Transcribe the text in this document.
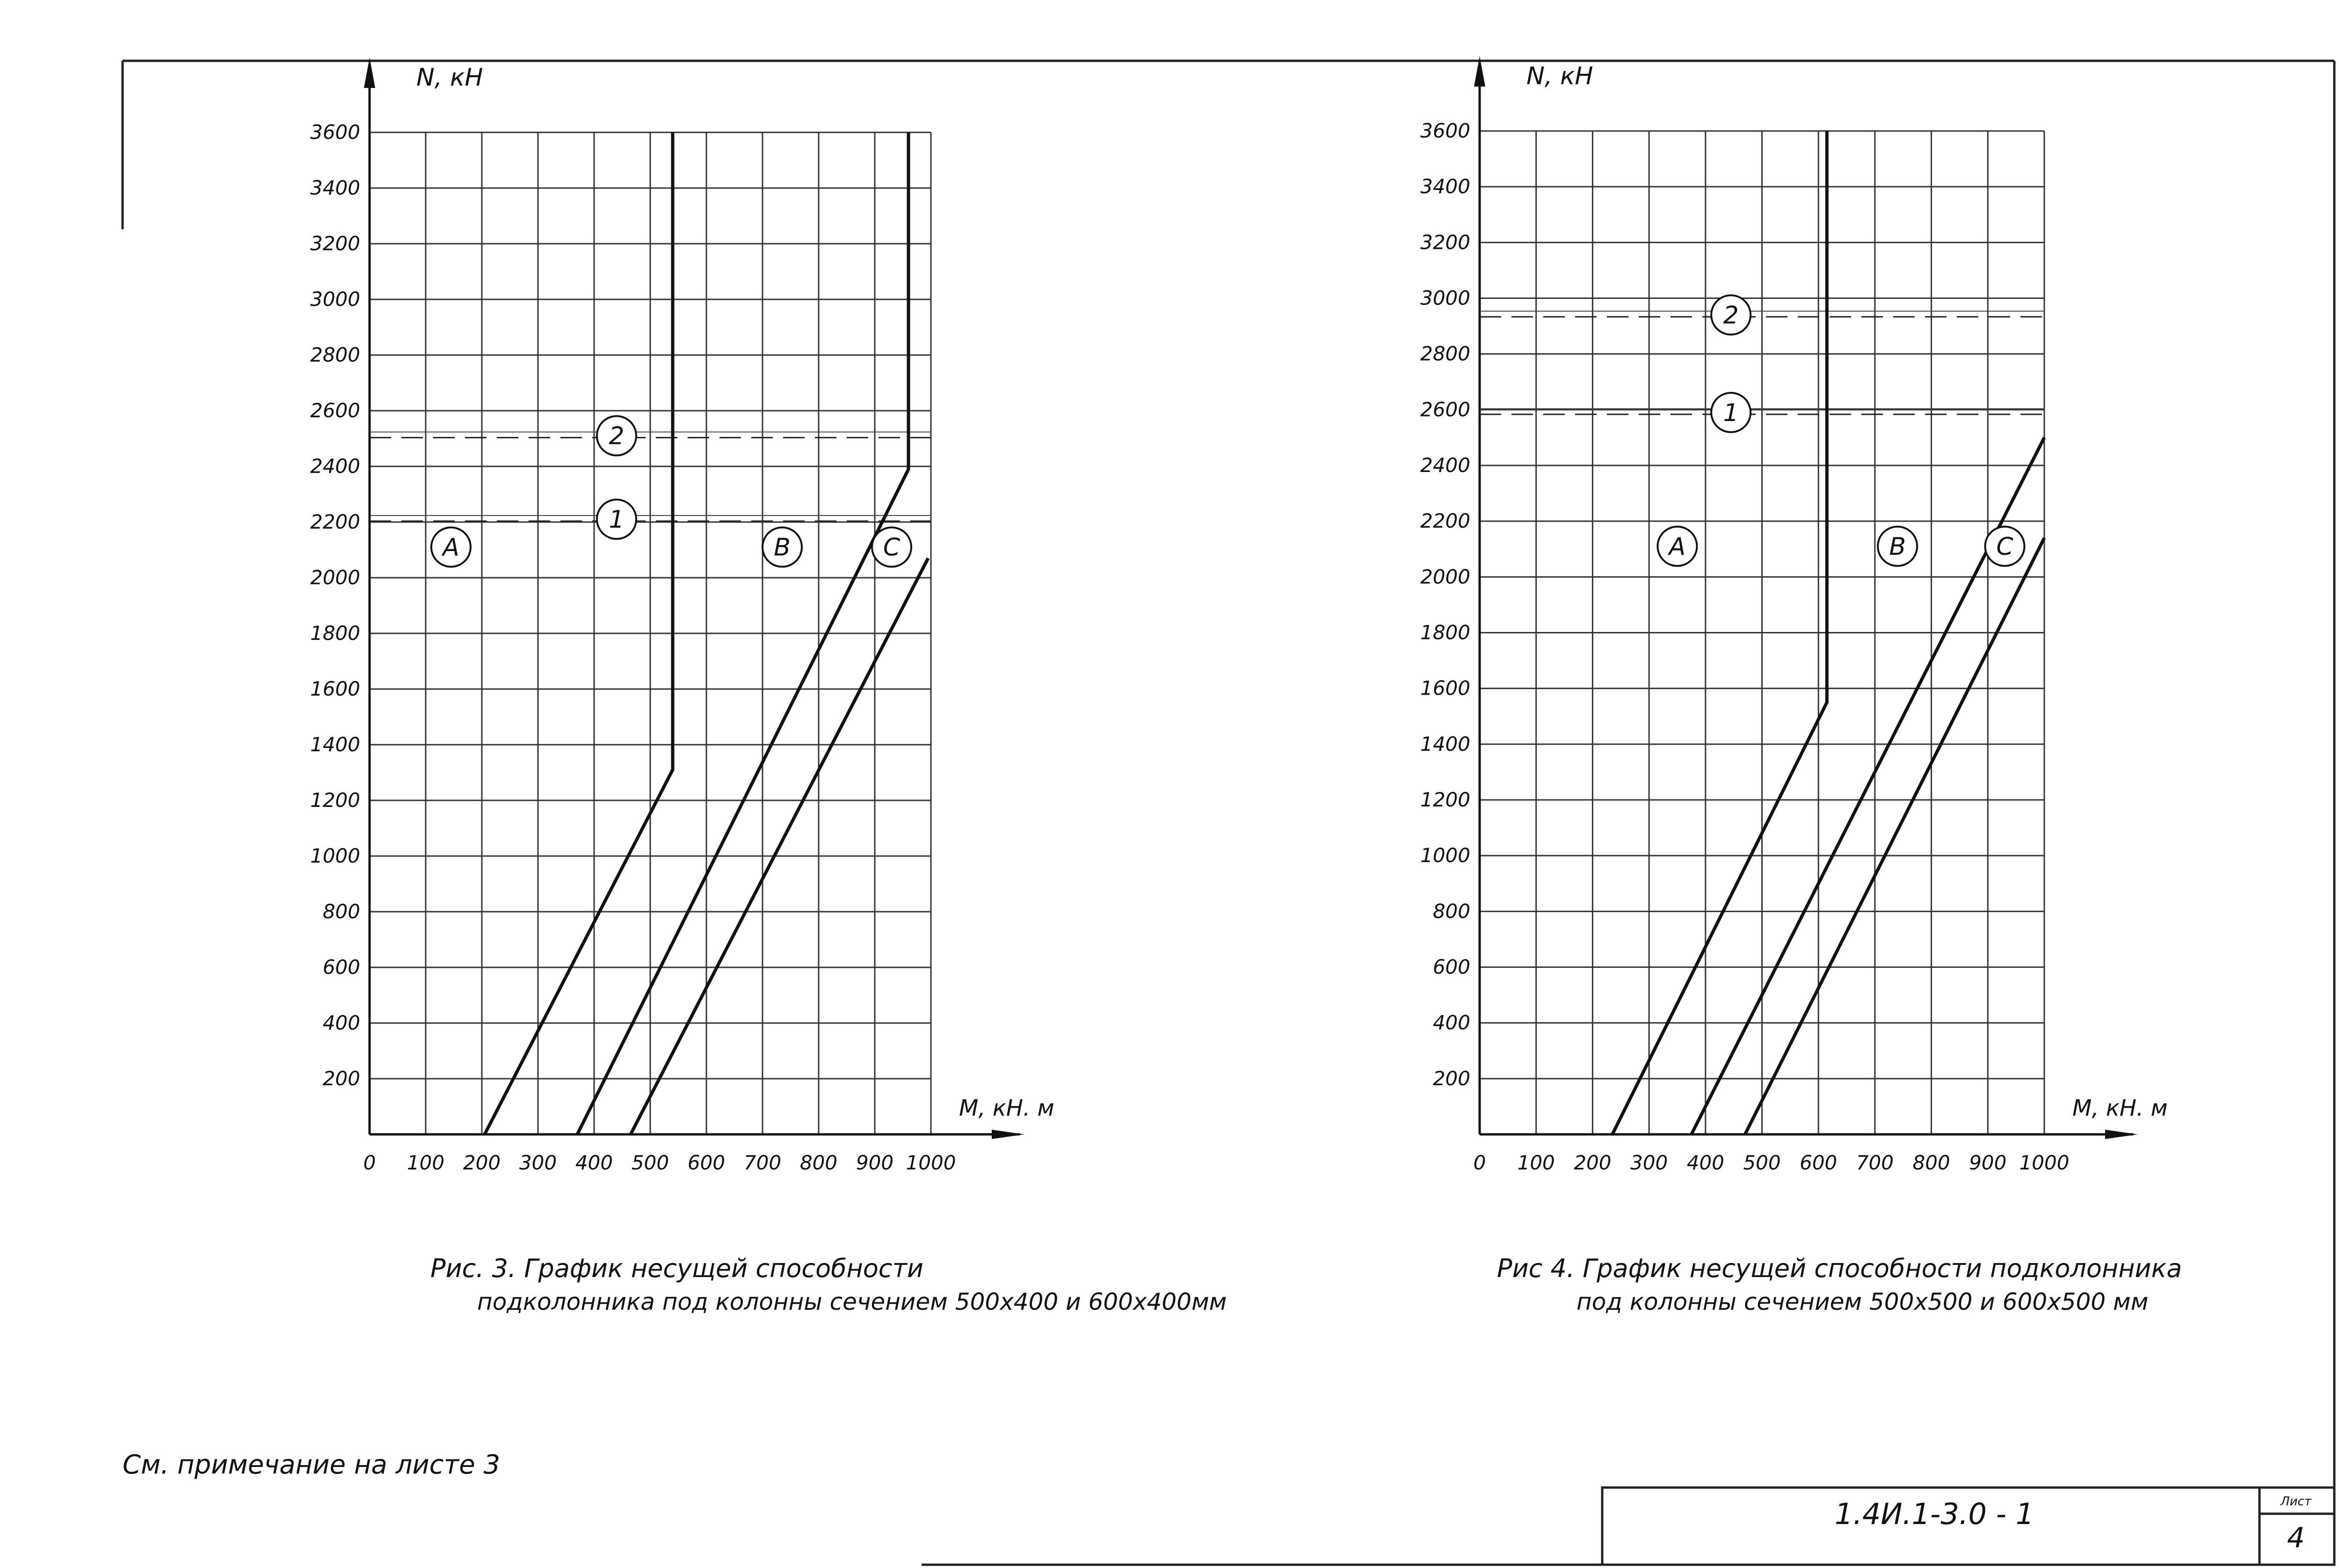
N, кН
M, кН. м
0 100 200 300 400 500 600 700 800 900 1000
200
400
600
800
1000
1200
1400
1600
1800
2000
2200
2400
2600
2800
3000
3200
3400
3600
A	B	C
2
1
Рис. 3. График несущей способности
подколонника под колонны сечением 500х400 и 600х400мм
N, кН
M, кН. м
0 100 200 300 400 500 600 700 800 900 1000
200
400
600
800
1000
1200
1400
1600
1800
2000
2200
2400
2600
2800
3000
3200
3400
3600
A	B	C
2
1
Рис 4. График несущей способности подколонника
под колонны сечением 500х500 и 600х500 мм
См. примечание на листе 3
1.4И.1-3.0 - 1	Лист
4
